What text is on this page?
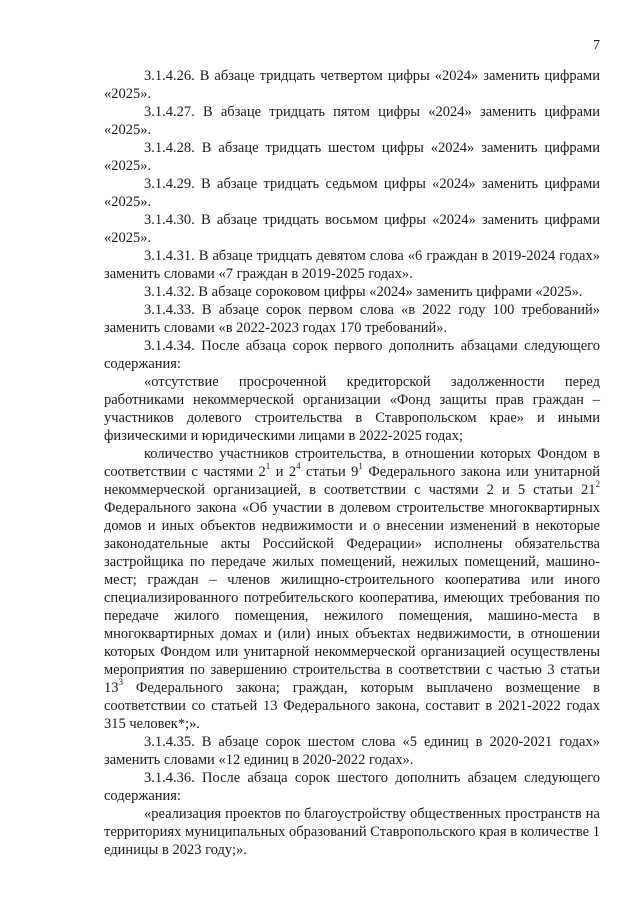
7

3.1.4.26. В абзаце тридцать четвертом цифры «2024» заменить цифрами «2025».

3.1.4.27. В абзаце тридцать пятом цифры «2024» заменить цифрами «2025».

3.1.4.28. В абзаце тридцать шестом цифры «2024» заменить цифрами «2025».

3.1.4.29. В абзаце тридцать седьмом цифры «2024» заменить цифрами «2025».

3.1.4.30. В абзаце тридцать восьмом цифры «2024» заменить цифрами «2025».

3.1.4.31. В абзаце тридцать девятом слова «6 граждан в 2019-2024 годах» заменить словами «7 граждан в 2019-2025 годах».

3.1.4.32. В абзаце сороковом цифры «2024» заменить цифрами «2025».

3.1.4.33. В абзаце сорок первом слова «в 2022 году 100 требований» заменить словами «в 2022-2023 годах 170 требований».

3.1.4.34. После абзаца сорок первого дополнить абзацами следующего содержания:

«отсутствие просроченной кредиторской задолженности перед работниками некоммерческой организации «Фонд защиты прав граждан – участников долевого строительства в Ставропольском крае» и иными физическими и юридическими лицами в 2022-2025 годах;

количество участников строительства, в отношении которых Фондом в соответствии с частями $2^1$ и $2^4$ статьи $9^1$ Федерального закона или унитарной некоммерческой организацией, в соответствии с частями 2 и 5 статьи $21^2$ Федерального закона «Об участии в долевом строительстве многоквартирных домов и иных объектов недвижимости и о внесении изменений в некоторые законодательные акты Российской Федерации» исполнены обязательства застройщика по передаче жилых помещений, нежилых помещений, машино-мест; граждан – членов жилищно-строительного кооператива или иного специализированного потребительского кооператива, имеющих требования по передаче жилого помещения, нежилого помещения, машино-места в многоквартирных домах и (или) иных объектах недвижимости, в отношении которых Фондом или унитарной некоммерческой организацией осуществлены мероприятия по завершению строительства в соответствии с частью 3 статьи $13^3$ Федерального закона; граждан, которым выплачено возмещение в соответствии со статьей 13 Федерального закона, составит в 2021-2022 годах 315 человек*;».

3.1.4.35. В абзаце сорок шестом слова «5 единиц в 2020-2021 годах» заменить словами «12 единиц в 2020-2022 годах».

3.1.4.36. После абзаца сорок шестого дополнить абзацем следующего содержания:

«реализация проектов по благоустройству общественных пространств на территориях муниципальных образований Ставропольского края в количестве 1 единицы в 2023 году;».
